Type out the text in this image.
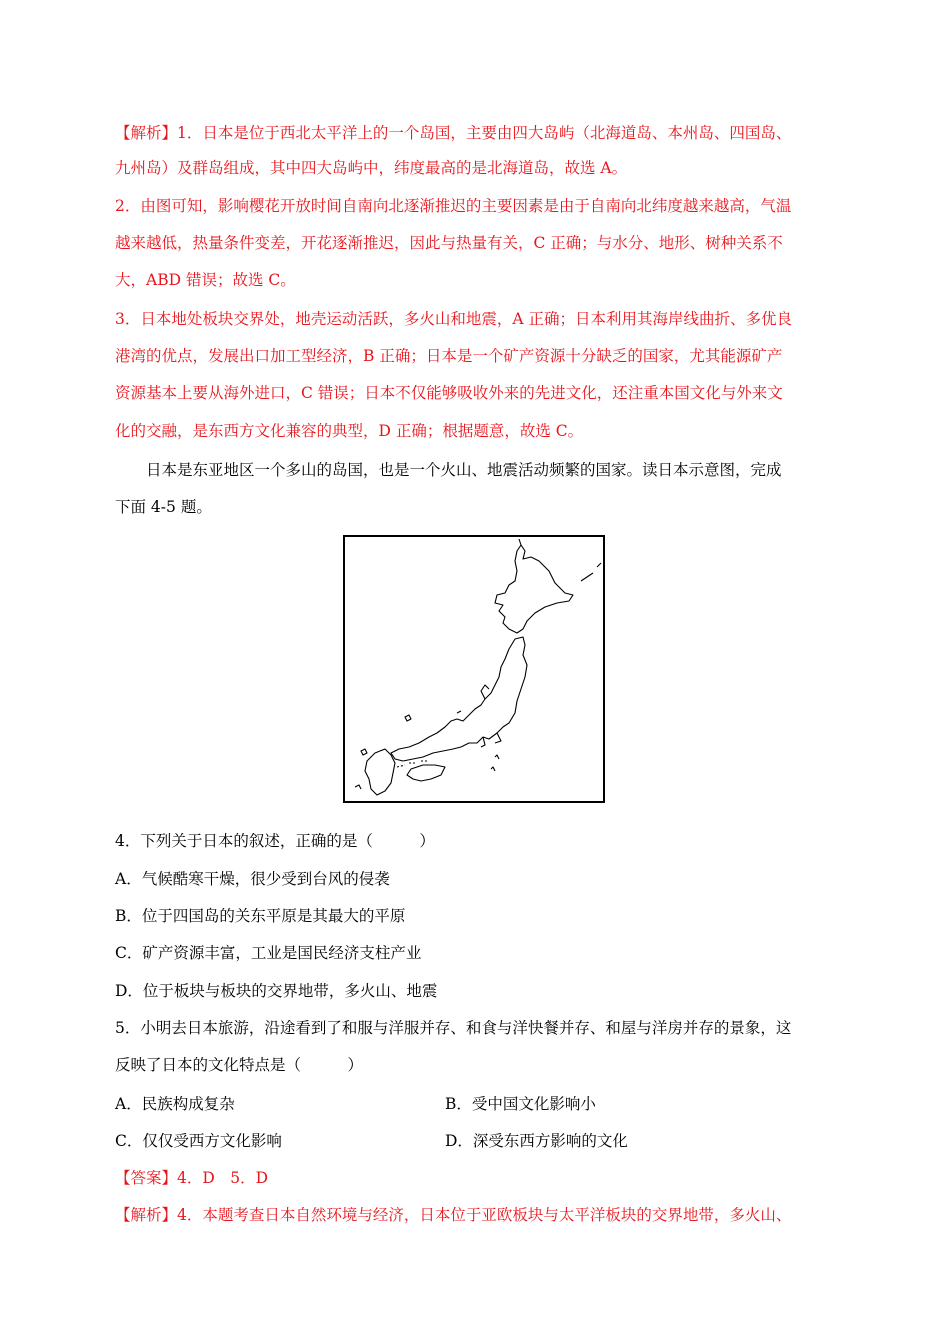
【解析】1．日本是位于西北太平洋上的一个岛国，主要由四大岛屿（北海道岛、本州岛、四国岛、
九州岛）及群岛组成，其中四大岛屿中，纬度最高的是北海道岛，故选 A。
2．由图可知，影响樱花开放时间自南向北逐渐推迟的主要因素是由于自南向北纬度越来越高，气温
越来越低，热量条件变差，开花逐渐推迟，因此与热量有关，C 正确；与水分、地形、树种关系不
大，ABD 错误；故选 C。
3．日本地处板块交界处，地壳运动活跃，多火山和地震，A 正确；日本利用其海岸线曲折、多优良
港湾的优点，发展出口加工型经济，B 正确；日本是一个矿产资源十分缺乏的国家，尤其能源矿产
资源基本上要从海外进口，C 错误；日本不仅能够吸收外来的先进文化，还注重本国文化与外来文
化的交融，是东西方文化兼容的典型，D 正确；根据题意，故选 C。
日本是东亚地区一个多山的岛国，也是一个火山、地震活动频繁的国家。读日本示意图，完成
下面 4-5 题。
4．下列关于日本的叙述，正确的是（　　　）
A．气候酷寒干燥，很少受到台风的侵袭
B．位于四国岛的关东平原是其最大的平原
C．矿产资源丰富，工业是国民经济支柱产业
D．位于板块与板块的交界地带，多火山、地震
5．小明去日本旅游，沿途看到了和服与洋服并存、和食与洋快餐并存、和屋与洋房并存的景象，这
反映了日本的文化特点是（　　　）
A．民族构成复杂	B．受中国文化影响小
C．仅仅受西方文化影响	D．深受东西方影响的文化
【答案】4．D　5．D
【解析】4．本题考查日本自然环境与经济，日本位于亚欧板块与太平洋板块的交界地带，多火山、
